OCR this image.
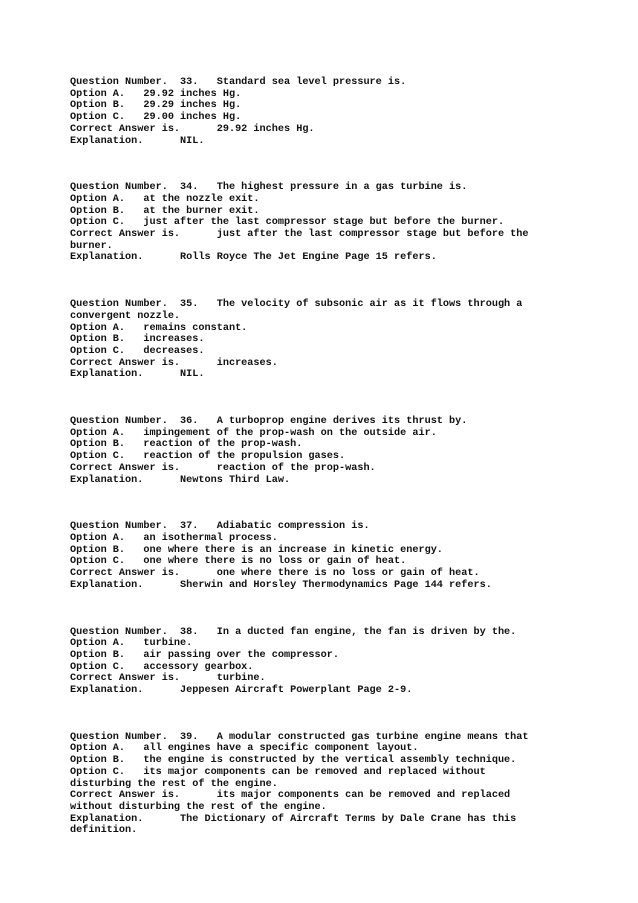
Question Number.  33.   Standard sea level pressure is.
Option A.   29.92 inches Hg.
Option B.   29.29 inches Hg.
Option C.   29.00 inches Hg.
Correct Answer is.      29.92 inches Hg.
Explanation.      NIL.
Question Number.  34.   The highest pressure in a gas turbine is.
Option A.   at the nozzle exit.
Option B.   at the burner exit.
Option C.   just after the last compressor stage but before the burner.
Correct Answer is.      just after the last compressor stage but before the
burner.
Explanation.      Rolls Royce The Jet Engine Page 15 refers.
Question Number.  35.   The velocity of subsonic air as it flows through a
convergent nozzle.
Option A.   remains constant.
Option B.   increases.
Option C.   decreases.
Correct Answer is.      increases.
Explanation.      NIL.
Question Number.  36.   A turboprop engine derives its thrust by.
Option A.   impingement of the prop-wash on the outside air.
Option B.   reaction of the prop-wash.
Option C.   reaction of the propulsion gases.
Correct Answer is.      reaction of the prop-wash.
Explanation.      Newtons Third Law.
Question Number.  37.   Adiabatic compression is.
Option A.   an isothermal process.
Option B.   one where there is an increase in kinetic energy.
Option C.   one where there is no loss or gain of heat.
Correct Answer is.      one where there is no loss or gain of heat.
Explanation.      Sherwin and Horsley Thermodynamics Page 144 refers.
Question Number.  38.   In a ducted fan engine, the fan is driven by the.
Option A.   turbine.
Option B.   air passing over the compressor.
Option C.   accessory gearbox.
Correct Answer is.      turbine.
Explanation.      Jeppesen Aircraft Powerplant Page 2-9.
Question Number.  39.   A modular constructed gas turbine engine means that
Option A.   all engines have a specific component layout.
Option B.   the engine is constructed by the vertical assembly technique.
Option C.   its major components can be removed and replaced without
disturbing the rest of the engine.
Correct Answer is.      its major components can be removed and replaced
without disturbing the rest of the engine.
Explanation.      The Dictionary of Aircraft Terms by Dale Crane has this
definition.
